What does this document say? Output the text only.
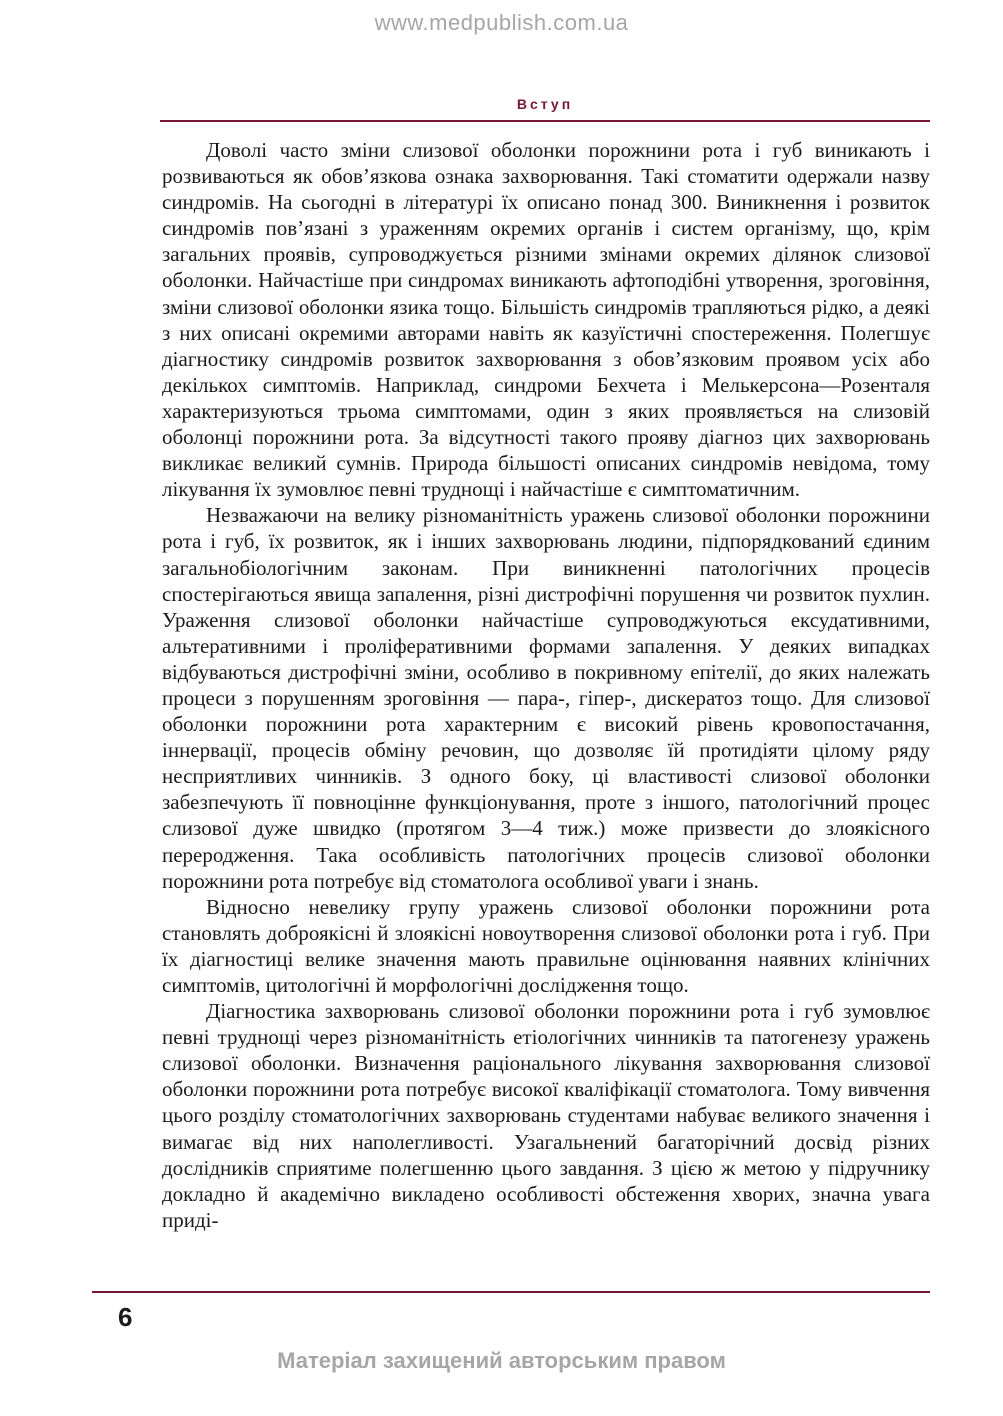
www.medpublish.com.ua
Вступ

Доволі часто зміни слизової оболонки порожнини рота і губ виникають і розвиваються як обов’язкова ознака захворювання. Такі стоматити одержали назву синдромів. На сьогодні в літературі їх описано понад 300. Виникнення і розвиток синдромів пов’язані з ураженням окремих органів і систем організму, що, крім загальних проявів, супроводжується різними змінами окремих ділянок слизової оболонки. Найчастіше при синдромах виникають афтоподібні утворення, зроговіння, зміни слизової оболонки язика тощо. Більшість синдромів трапляються рідко, а деякі з них описані окремими авторами навіть як казуїстичні спостереження. Полегшує діагностику синдромів розвиток захворювання з обов’язковим проявом усіх або декількох симптомів. Наприклад, синдроми Бехчета і Мелькерсона—Розенталя характеризуються трьома симптомами, один з яких проявляється на слизовій оболонці порожнини рота. За відсутності такого прояву діагноз цих захворювань викликає великий сумнів. Природа більшості описаних синдромів невідома, тому лікування їх зумовлює певні труднощі і найчастіше є симптоматичним.

Незважаючи на велику різноманітність уражень слизової оболонки порожнини рота і губ, їх розвиток, як і інших захворювань людини, підпорядкований єдиним загальнобіологічним законам. При виникненні патологічних процесів спостерігаються явища запалення, різні дистрофічні порушення чи розвиток пухлин. Ураження слизової оболонки найчастіше супроводжуються ексудативними, альтеративними і проліферативними формами запалення. У деяких випадках відбуваються дистрофічні зміни, особливо в покривному епітелії, до яких належать процеси з порушенням зроговіння — пара-, гіпер-, дискератоз тощо. Для слизової оболонки порожнини рота характерним є високий рівень кровопостачання, іннервації, процесів обміну речовин, що дозволяє їй протидіяти цілому ряду несприятливих чинників. З одного боку, ці властивості слизової оболонки забезпечують її повноцінне функціонування, проте з іншого, патологічний процес слизової дуже швидко (протягом 3—4 тиж.) може призвести до злоякісного переродження. Така особливість патологічних процесів слизової оболонки порожнини рота потребує від стоматолога особливої уваги і знань.

Відносно невелику групу уражень слизової оболонки порожнини рота становлять доброякісні й злоякісні новоутворення слизової оболонки рота і губ. При їх діагностиці велике значення мають правильне оцінювання наявних клінічних симптомів, цитологічні й морфологічні дослідження тощо.

Діагностика захворювань слизової оболонки порожнини рота і губ зумовлює певні труднощі через різноманітність етіологічних чинників та патогенезу уражень слизової оболонки. Визначення раціонального лікування захворювання слизової оболонки порожнини рота потребує високої кваліфікації стоматолога. Тому вивчення цього розділу стоматологічних захворювань студентами набуває великого значення і вимагає від них наполегливості. Узагальнений багаторічний досвід різних дослідників сприятиме полегшенню цього завдання. З цією ж метою у підручнику докладно й академічно викладено особливості обстеження хворих, значна увага приді-

6
Матеріал захищений авторським правом
